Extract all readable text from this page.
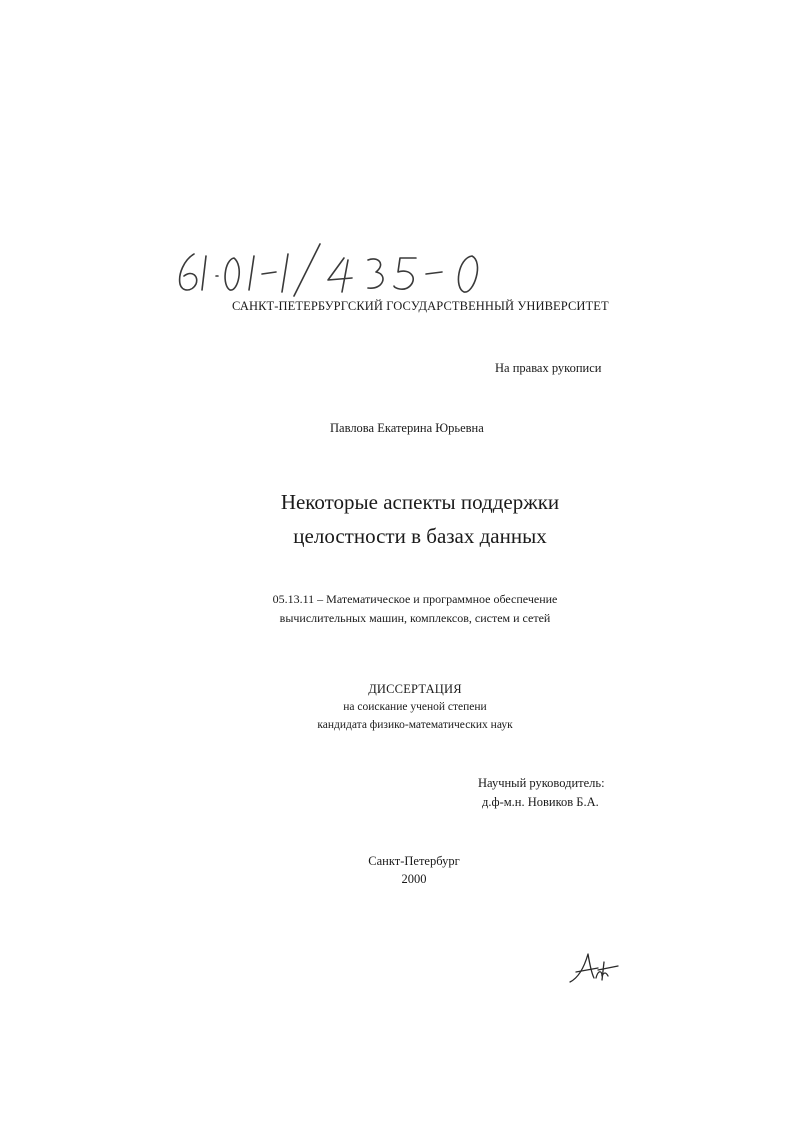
САНКТ-ПЕТЕРБУРГСКИЙ ГОСУДАРСТВЕННЫЙ УНИВЕРСИТЕТ
На правах рукописи
Павлова Екатерина Юрьевна
Некоторые аспекты поддержки
целостности в базах данных
05.13.11 – Математическое и программное обеспечение
вычислительных машин, комплексов, систем и сетей
ДИССЕРТАЦИЯ
на соискание ученой степени
кандидата физико-математических наук
Научный руководитель:
д.ф-м.н. Новиков Б.А.
Санкт-Петербург
2000
